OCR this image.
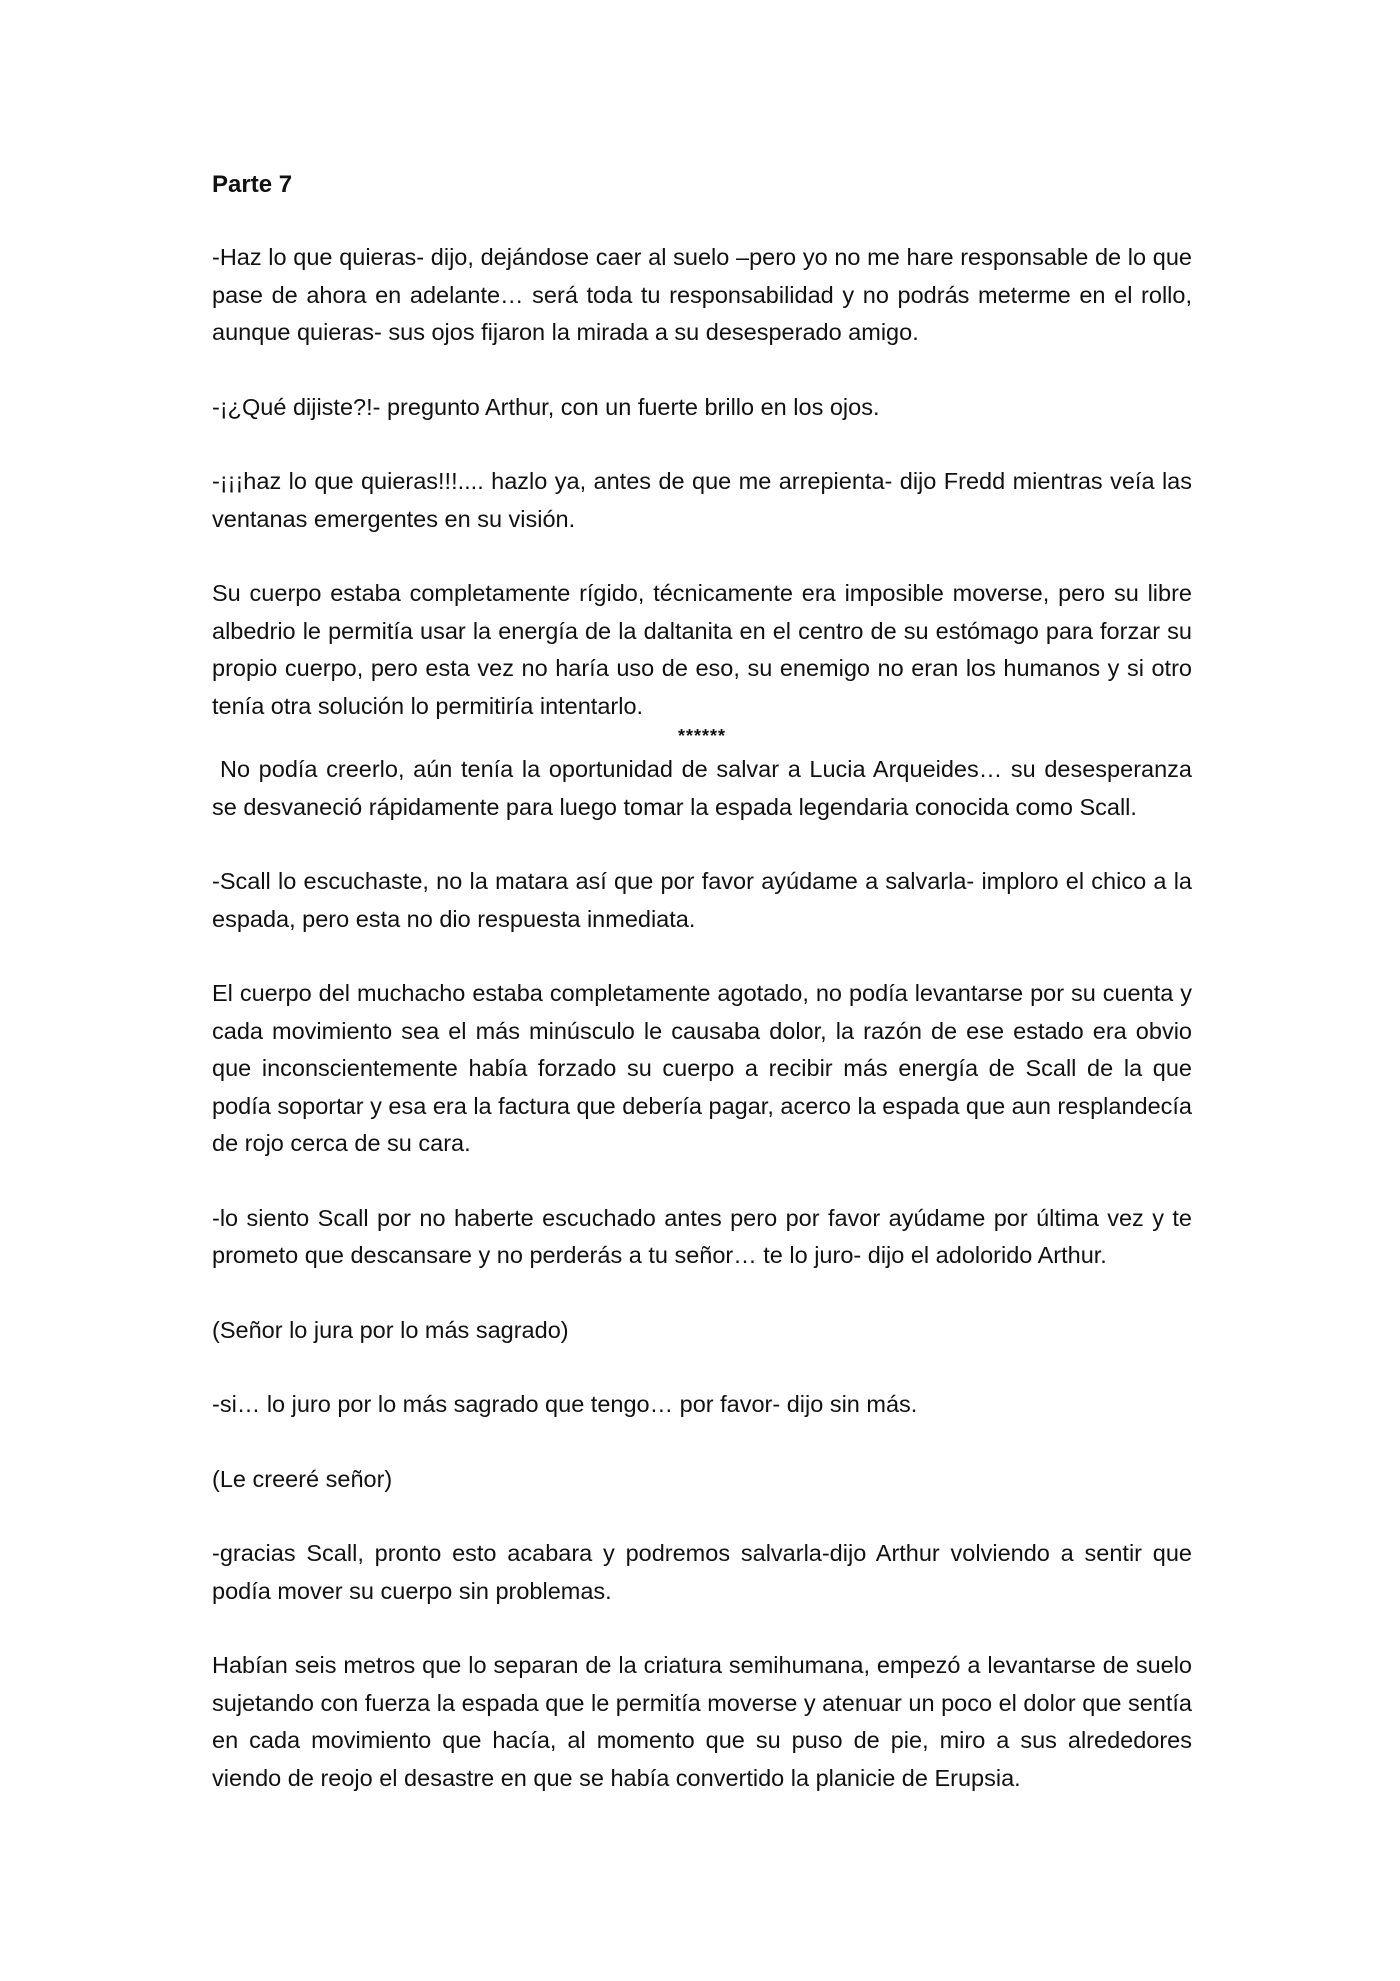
Parte 7

-Haz lo que quieras- dijo, dejándose caer al suelo –pero yo no me hare responsable de lo que pase de ahora en adelante… será toda tu responsabilidad y no podrás meterme en el rollo, aunque quieras- sus ojos fijaron la mirada a su desesperado amigo.

-¡¿Qué dijiste?!- pregunto Arthur, con un fuerte brillo en los ojos.

-¡¡¡haz lo que quieras!!!.... hazlo ya, antes de que me arrepienta- dijo Fredd mientras veía las ventanas emergentes en su visión.

Su cuerpo estaba completamente rígido, técnicamente era imposible moverse, pero su libre albedrio le permitía usar la energía de la daltanita en el centro de su estómago para forzar su propio cuerpo, pero esta vez no haría uso de eso, su enemigo no eran los humanos y si otro tenía otra solución lo permitiría intentarlo.

******

No podía creerlo, aún tenía la oportunidad de salvar a Lucia Arqueides… su desesperanza se desvaneció rápidamente para luego tomar la espada legendaria conocida como Scall.

-Scall lo escuchaste, no la matara así que por favor ayúdame a salvarla- imploro el chico a la espada, pero esta no dio respuesta inmediata.

El cuerpo del muchacho estaba completamente agotado, no podía levantarse por su cuenta y cada movimiento sea el más minúsculo le causaba dolor, la razón de ese estado era obvio que inconscientemente había forzado su cuerpo a recibir más energía de Scall de la que podía soportar y esa era la factura que debería pagar, acerco la espada que aun resplandecía de rojo cerca de su cara.

-lo siento Scall por no haberte escuchado antes pero por favor ayúdame por última vez y te prometo que descansare y no perderás a tu señor… te lo juro- dijo el adolorido Arthur.

(Señor lo jura por lo más sagrado)

-si… lo juro por lo más sagrado que tengo… por favor- dijo sin más.

(Le creeré señor)

-gracias Scall, pronto esto acabara y podremos salvarla-dijo Arthur volviendo a sentir que podía mover su cuerpo sin problemas.

Habían seis metros que lo separan de la criatura semihumana, empezó a levantarse de suelo sujetando con fuerza la espada que le permitía moverse y atenuar un poco el dolor que sentía en cada movimiento que hacía, al momento que su puso de pie, miro a sus alrededores viendo de reojo el desastre en que se había convertido la planicie de Erupsia.
